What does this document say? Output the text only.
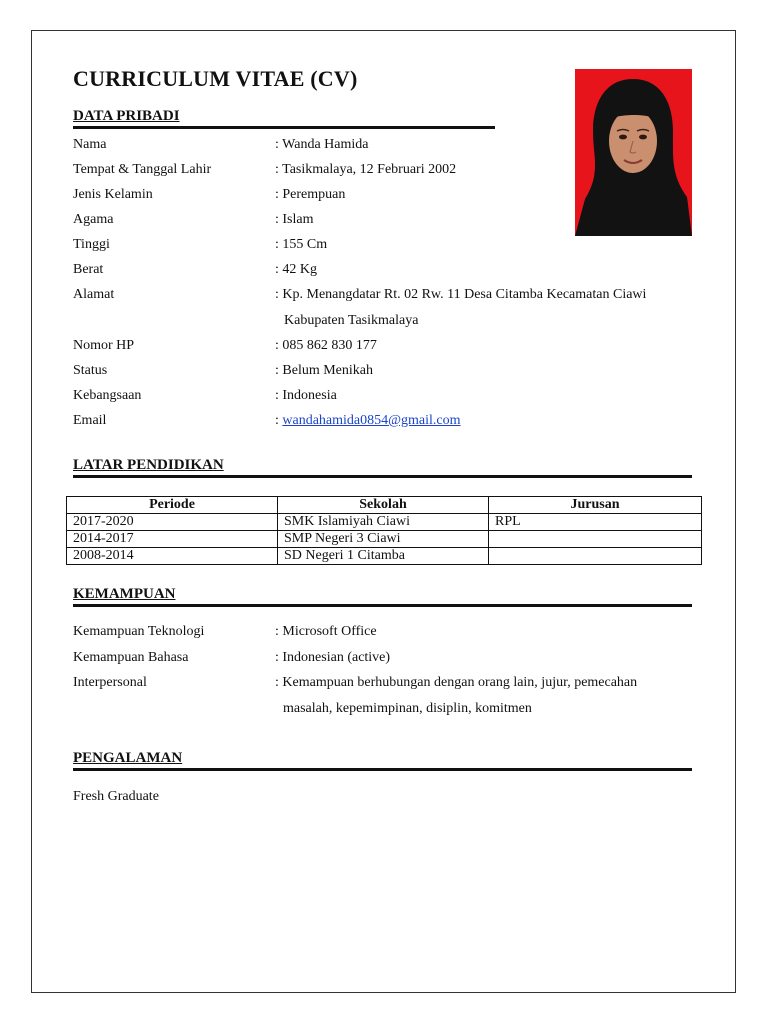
CURRICULUM VITAE (CV)
DATA PRIBADI
Nama	: Wanda Hamida
Tempat & Tanggal Lahir	: Tasikmalaya, 12 Februari 2002
Jenis Kelamin	: Perempuan
Agama	: Islam
Tinggi	: 155 Cm
Berat	: 42 Kg
Alamat	: Kp. Menangdatar Rt. 02 Rw. 11 Desa Citamba Kecamatan Ciawi
Kabupaten Tasikmalaya
Nomor HP	: 085 862 830 177
Status	: Belum Menikah
Kebangsaan	: Indonesia
Email	: wandahamida0854@gmail.com
LATAR PENDIDIKAN
Periode	Sekolah	Jurusan
2017-2020	SMK Islamiyah Ciawi	RPL
2014-2017	SMP Negeri 3 Ciawi	
2008-2014	SD Negeri 1 Citamba	
KEMAMPUAN
Kemampuan Teknologi	: Microsoft Office
Kemampuan Bahasa	: Indonesian (active)
Interpersonal	: Kemampuan berhubungan dengan orang lain, jujur, pemecahan
masalah, kepemimpinan, disiplin, komitmen
PENGALAMAN
Fresh Graduate
